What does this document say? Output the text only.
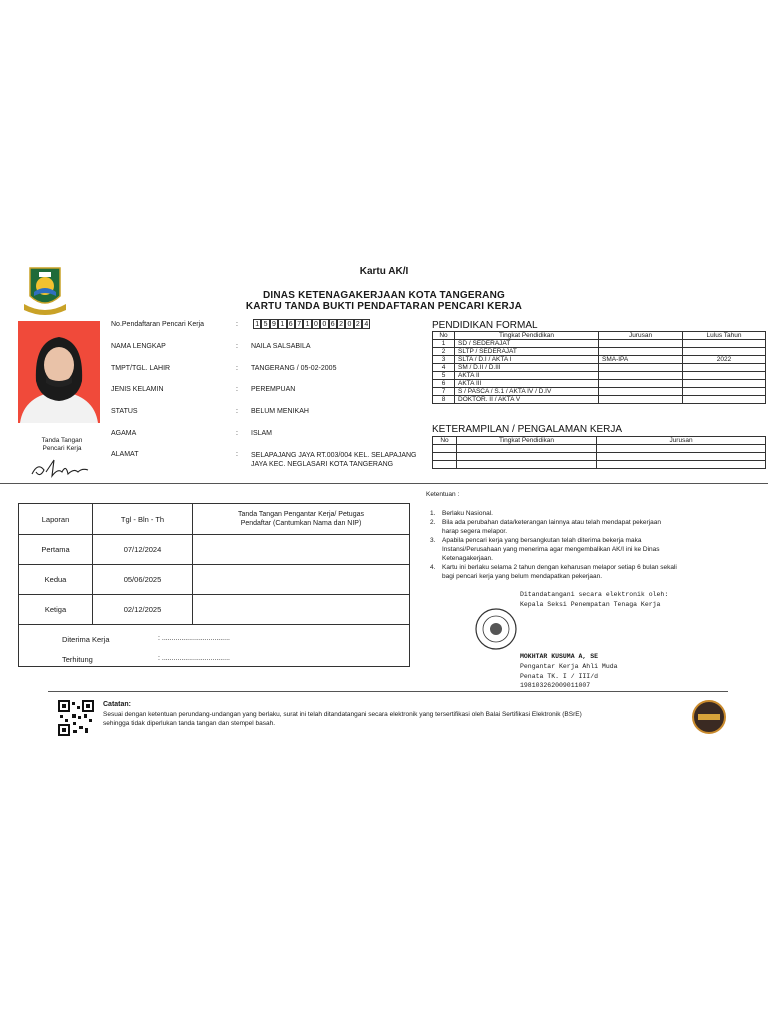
Kartu AK/I
DINAS KETENAGAKERJAAN KOTA TANGERANG
KARTU TANDA BUKTI PENDAFTARAN PENCARI KERJA
No.Pendaftaran Pencari Kerja	:	1 5 9 1 6 7 1 0 0 6 2 0 2 4
NAMA LENGKAP	: NAILA SALSABILA
TMPT/TGL. LAHIR	: TANGERANG / 05-02-2005
JENIS KELAMIN	: PEREMPUAN
STATUS	: BELUM MENIKAH
AGAMA	: ISLAM
ALAMAT	: SELAPAJANG JAYA RT.003/004 KEL. SELAPAJANG JAYA KEC. NEGLASARI KOTA TANGERANG
Tanda Tangan Pencari Kerja
PENDIDIKAN FORMAL
No	Tingkat Pendidikan	Jurusan	Lulus Tahun
1	SD / SEDERAJAT		
2	SLTP / SEDERAJAT		
3	SLTA / D.I / AKTA I	SMA-IPA	2022
4	SM / D.II / D.III		
5	AKTA II		
6	AKTA III		
7	S / PASCA / S.1 / AKTA IV / D.IV		
8	DOKTOR. II / AKTA V		
KETERAMPILAN / PENGALAMAN KERJA
No	Tingkat Pendidikan	Jurusan

Laporan	Tgl - Bln - Th	Tanda Tangan Pengantar Kerja/ Petugas Pendaftar (Cantumkan Nama dan NIP)
Pertama	07/12/2024	
Kedua	05/06/2025	
Ketiga	02/12/2025	

Diterima Kerja	: ...................................
Terhitung	: ...................................
Ketentuan :
1. Berlaku Nasional.
2. Bila ada perubahan data/keterangan lainnya atau telah mendapat pekerjaan harap segera melapor.
3. Apabila pencari kerja yang bersangkutan telah diterima bekerja maka Instansi/Perusahaan yang menerima agar mengembalikan AK/I ini ke Dinas Ketenagakerjaan.
4. Kartu ini berlaku selama 2 tahun dengan keharusan melapor setiap 6 bulan sekali bagi pencari kerja yang belum mendapatkan pekerjaan.
Ditandatangani secara elektronik oleh:
Kepala Seksi Penempatan Tenaga Kerja
MOKHTAR KUSUMA A, SE
Pengantar Kerja Ahli Muda
Penata TK. I / III/d
198103262009011007
Catatan:
Sesuai dengan ketentuan perundang-undangan yang berlaku, surat ini telah ditandatangani secara elektronik yang tersertifikasi oleh Balai Sertifikasi Elektronik (BSrE) sehingga tidak diperlukan tanda tangan dan stempel basah.
